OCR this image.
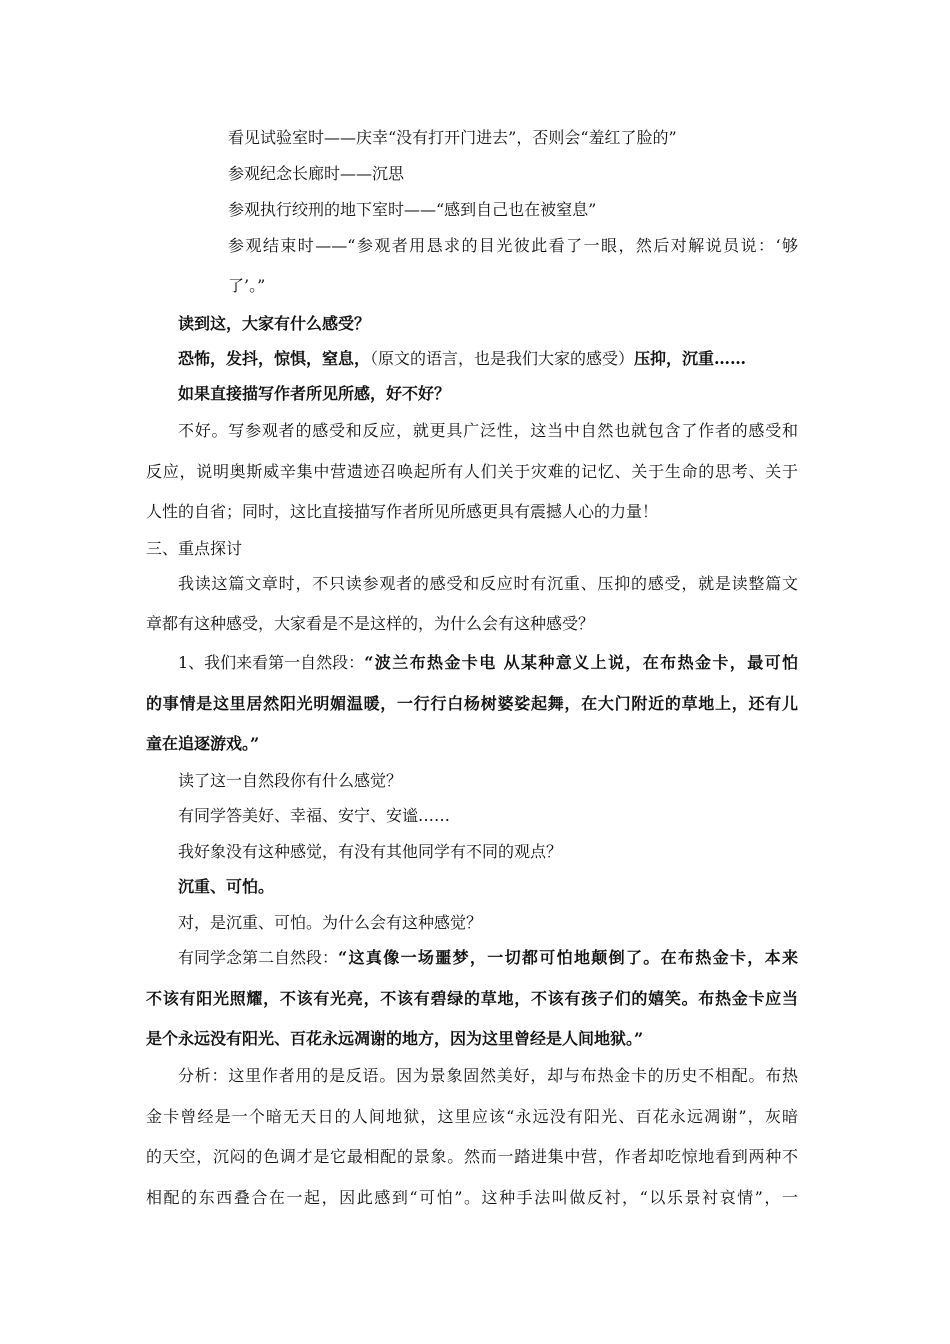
看见试验室时——庆幸“没有打开门进去”，否则会“羞红了脸的”
参观纪念长廊时——沉思
参观执行绞刑的地下室时——“感到自己也在被窒息”
参观结束时——“参观者用恳求的目光彼此看了一眼，然后对解说员说：‘够
了’。”
读到这，大家有什么感受？
恐怖，发抖，惊惧，窒息，（原文的语言，也是我们大家的感受）压抑，沉重……
如果直接描写作者所见所感，好不好？
不好。写参观者的感受和反应，就更具广泛性，这当中自然也就包含了作者的感受和
反应，说明奥斯威辛集中营遗迹召唤起所有人们关于灾难的记忆、关于生命的思考、关于
人性的自省；同时，这比直接描写作者所见所感更具有震撼人心的力量！
三、重点探讨
我读这篇文章时，不只读参观者的感受和反应时有沉重、压抑的感受，就是读整篇文
章都有这种感受，大家看是不是这样的，为什么会有这种感受？
1、我们来看第一自然段： “波兰布热金卡电 从某种意义上说，在布热金卡，最可怕
的事情是这里居然阳光明媚温暖，一行行白杨树婆娑起舞，在大门附近的草地上，还有儿
童在追逐游戏。”
读了这一自然段你有什么感觉？
有同学答美好、幸福、安宁、安谧……
我好象没有这种感觉，有没有其他同学有不同的观点？
沉重、可怕。
对，是沉重、可怕。为什么会有这种感觉？
有同学念第二自然段： “这真像一场噩梦，一切都可怕地颠倒了。在布热金卡，本来
不该有阳光照耀，不该有光亮，不该有碧绿的草地，不该有孩子们的嬉笑。布热金卡应当
是个永远没有阳光、百花永远凋谢的地方，因为这里曾经是人间地狱。”
分析：这里作者用的是反语。因为景象固然美好，却与布热金卡的历史不相配。布热
金卡曾经是一个暗无天日的人间地狱，这里应该“永远没有阳光、百花永远凋谢”，灰暗
的天空，沉闷的色调才是它最相配的景象。然而一踏进集中营，作者却吃惊地看到两种不
相配的东西叠合在一起，因此感到“可怕”。这种手法叫做反衬，“以乐景衬哀情”，一
